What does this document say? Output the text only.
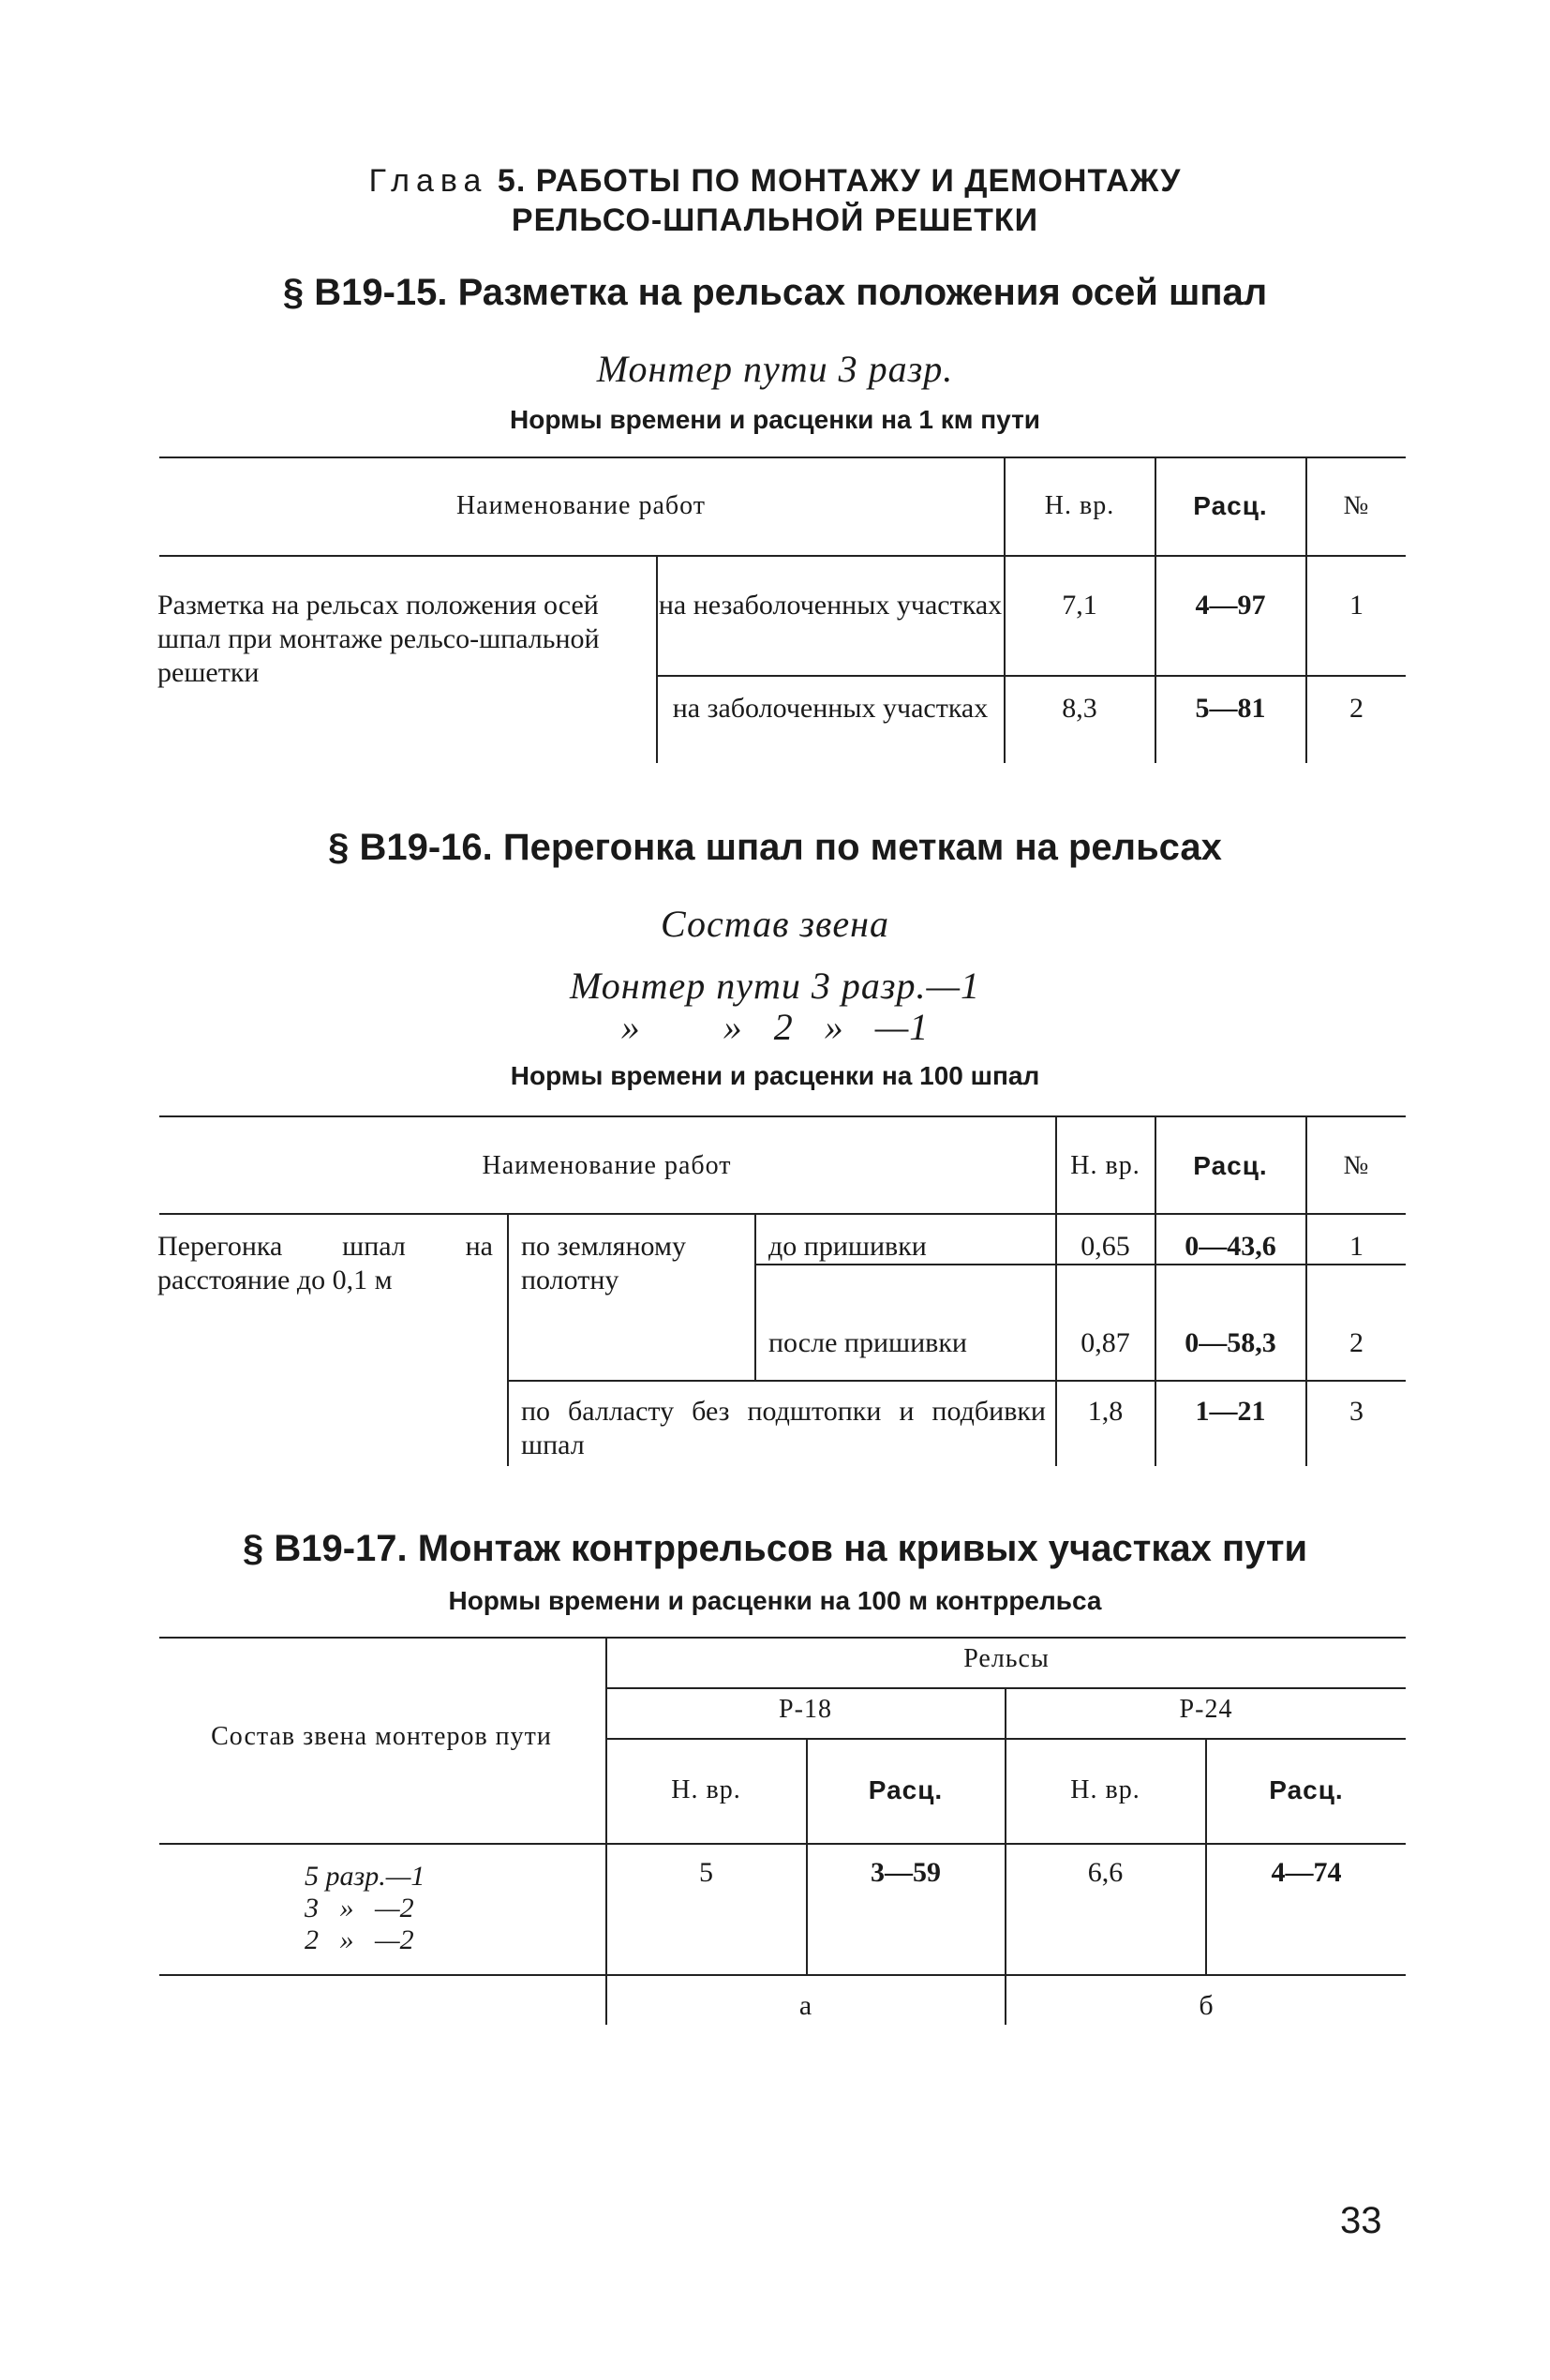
Глава 5. РАБОТЫ ПО МОНТАЖУ И ДЕМОНТАЖУ
РЕЛЬСО-ШПАЛЬНОЙ РЕШЕТКИ
§ В19-15. Разметка на рельсах положения осей шпал
Монтер пути 3 разр.
Нормы времени и расценки на 1 км пути
Наименование работ	Н. вр.	Расц.	№
Разметка на рельсах положения осей шпал при монтаже рельсо-шпальной решетки
на незаболоченных участках	7,1	4—97	1
на заболоченных участках	8,3	5—81	2
§ В19-16. Перегонка шпал по меткам на рельсах
Состав звена
Монтер пути 3 разр.—1
»        »   2   »   —1
Нормы времени и расценки на 100 шпал
Наименование работ	Н. вр.	Расц.	№
Перегонка шпал на расстояние до 0,1 м
по земляному полотну
до пришивки	0,65	0—43,6	1
после пришивки	0,87	0—58,3	2
по балласту без подштопки и подбивки шпал
1,8	1—21	3
§ В19-17. Монтаж контррельсов на кривых участках пути
Нормы времени и расценки на 100 м контррельса
Состав звена монтеров пути
Рельсы
Р-18	Р-24
Н. вр.	Расц.	Н. вр.	Расц.
5 разр.—1
3   »   —2
2   »   —2
5	3—59	6,6	4—74
а	б
33
